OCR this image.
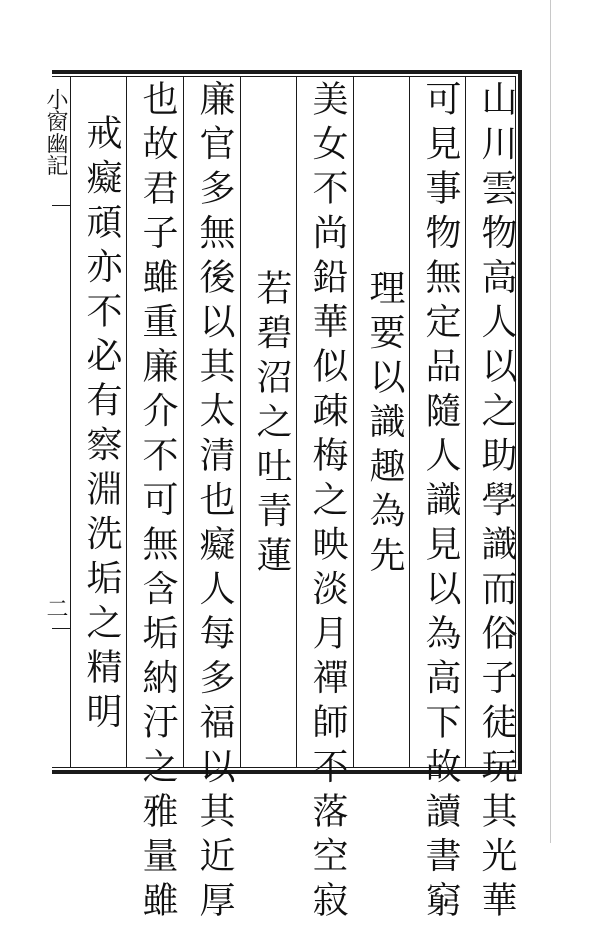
小窗幽記
二	山川雲物高人以之助學識而俗子徒玩其光華
可見事物無定品隨人識見以為高下故讀書窮
理要以識趣為先
美女不尚鉛華似疎梅之映淡月禪師不落空寂
若碧沼之吐青蓮
廉官多無後以其太清也癡人每多福以其近厚
也故君子雖重廉介不可無含垢納汙之雅量雖
戒癡頑亦不必有察淵洗垢之精明
